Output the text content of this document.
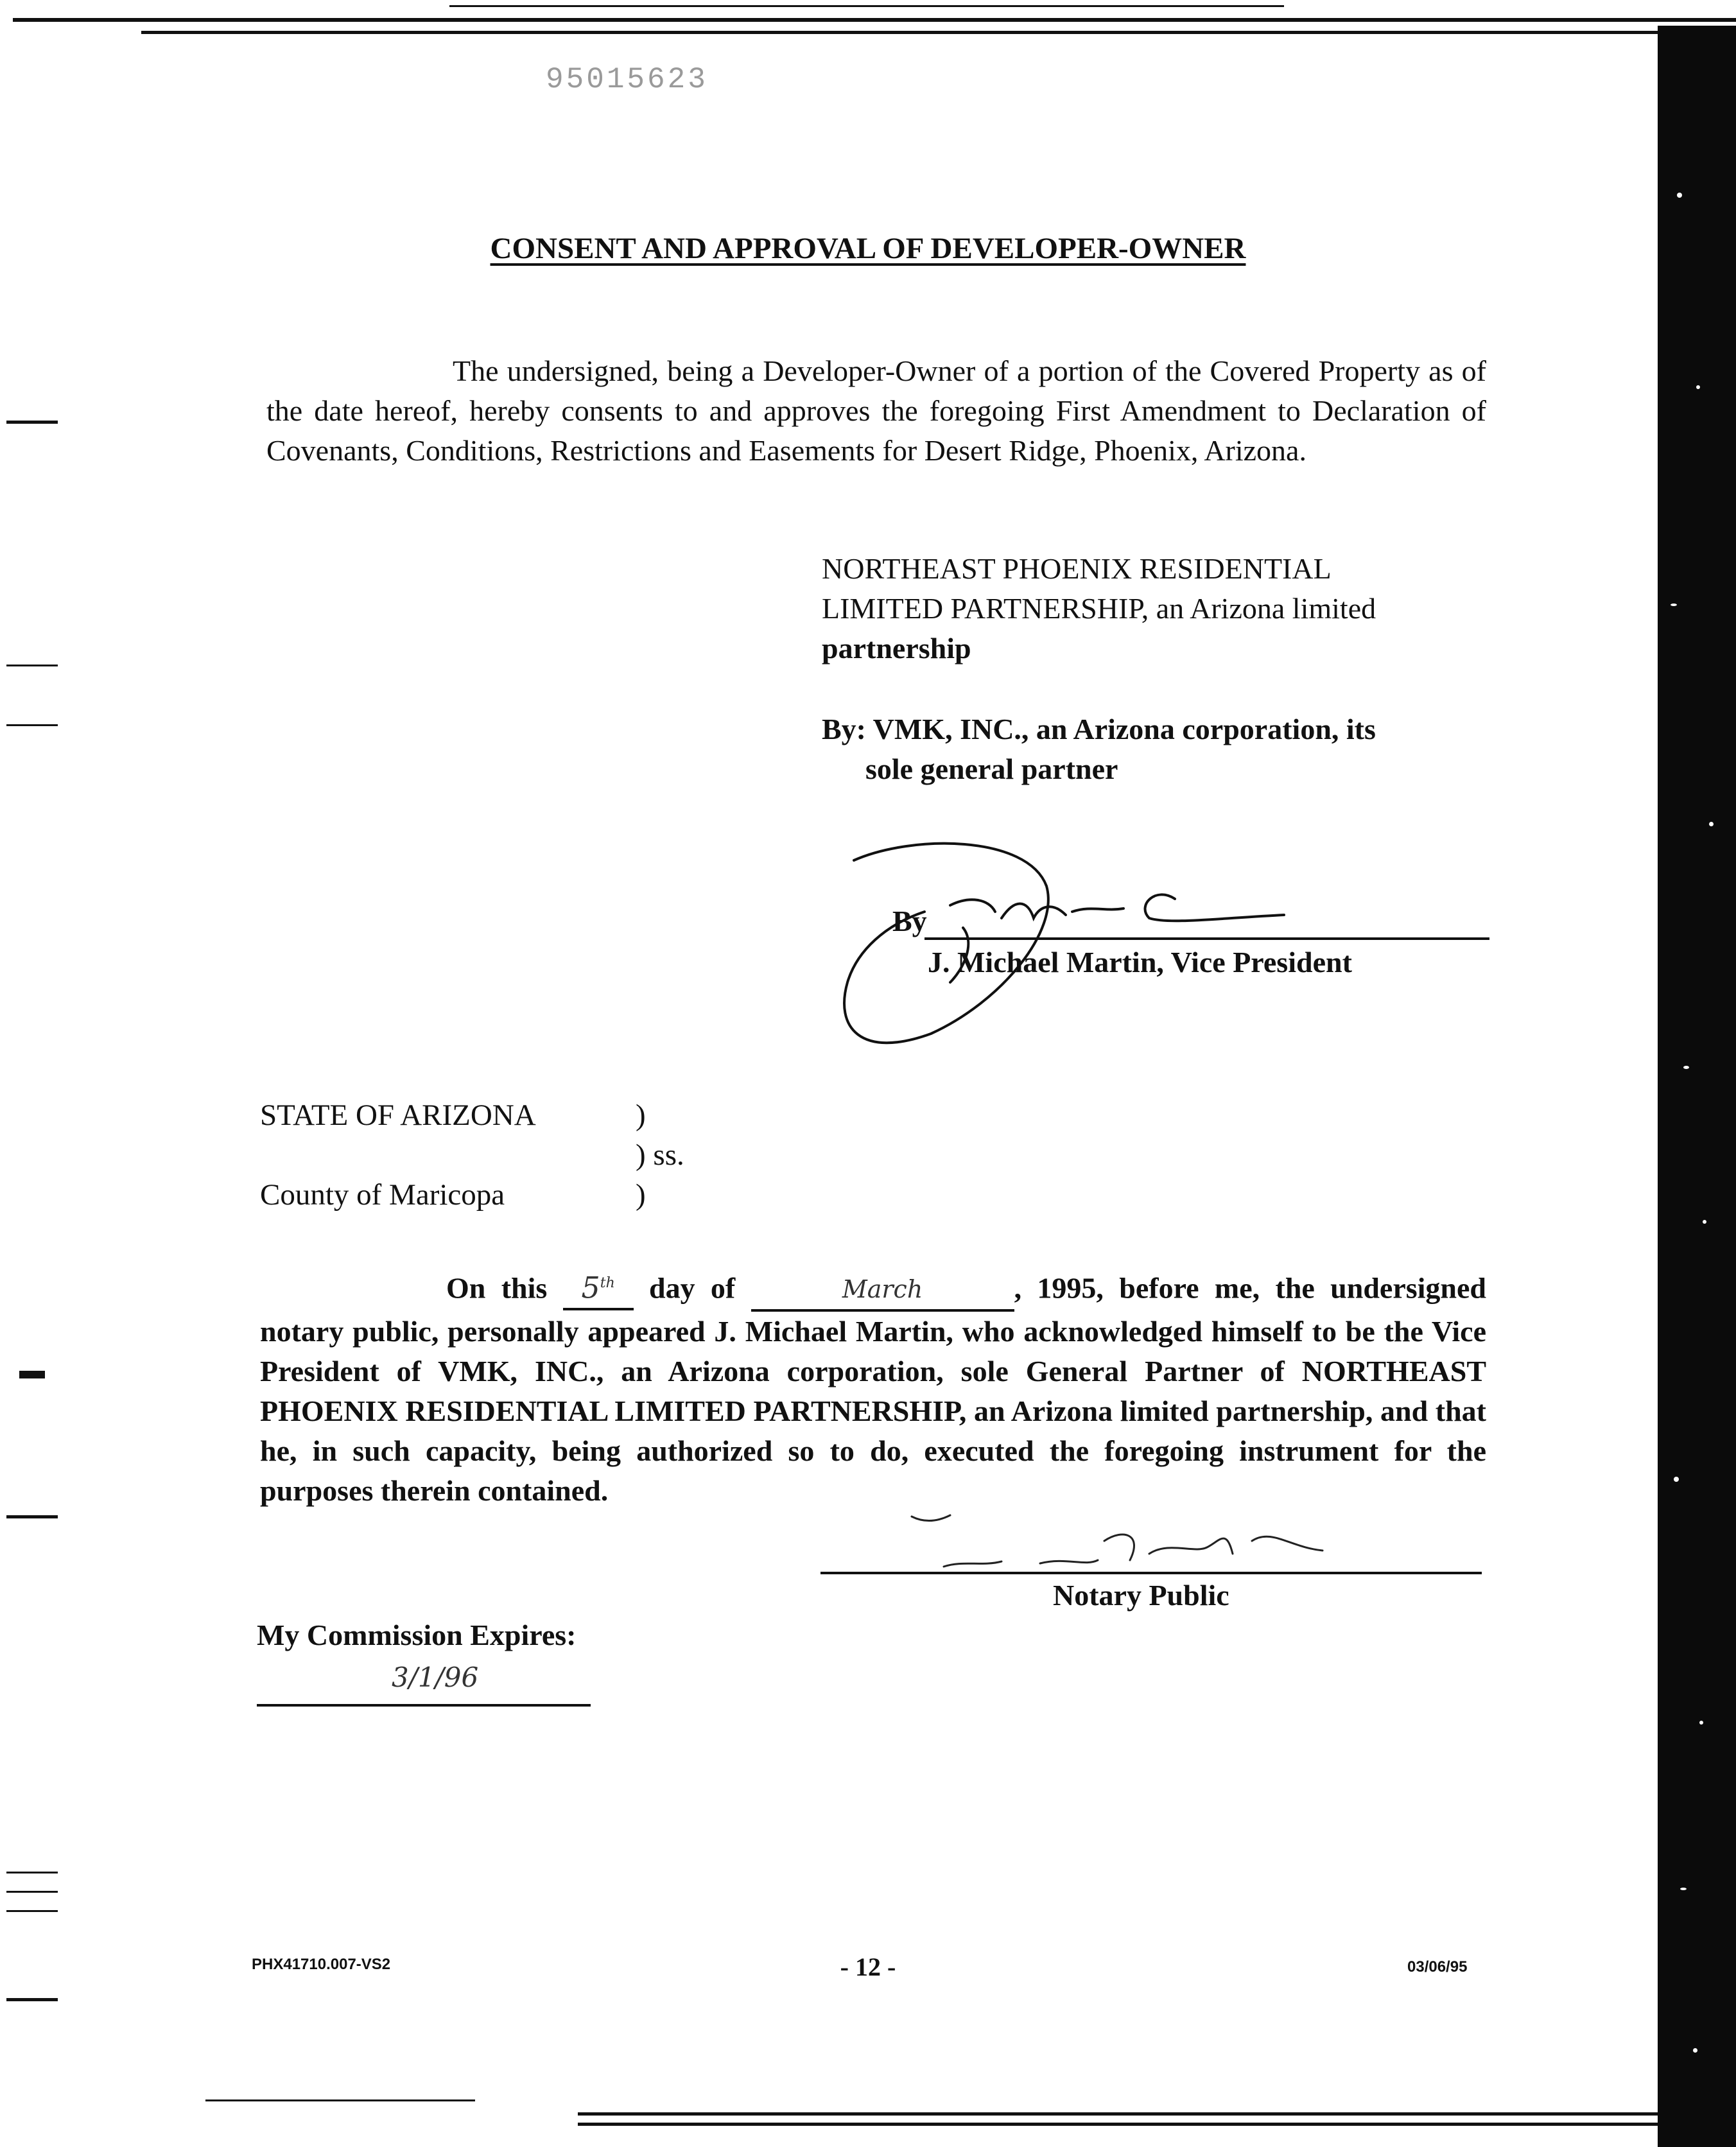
95015623
CONSENT AND APPROVAL OF DEVELOPER-OWNER
The undersigned, being a Developer-Owner of a portion of the Covered Property as of the date hereof, hereby consents to and approves the foregoing First Amendment to Declaration of Covenants, Conditions, Restrictions and Easements for Desert Ridge, Phoenix, Arizona.
NORTHEAST PHOENIX RESIDENTIAL
LIMITED PARTNERSHIP, an Arizona limited
partnership
By: VMK, INC., an Arizona corporation, its
sole general partner
By
J. Michael Martin, Vice President
STATE OF ARIZONA	)
) ss.
County of Maricopa	)
On this 5th day of	March	, 1995, before me, the undersigned notary public, personally appeared J. Michael Martin, who acknowledged himself to be the Vice President of VMK, INC., an Arizona corporation, sole General Partner of NORTHEAST PHOENIX RESIDENTIAL LIMITED PARTNERSHIP, an Arizona limited partnership, and that he, in such capacity, being authorized so to do, executed the foregoing instrument for the purposes therein contained.
Notary Public
My Commission Expires:
3/1/96
PHX41710.007-VS2	- 12 -	03/06/95
